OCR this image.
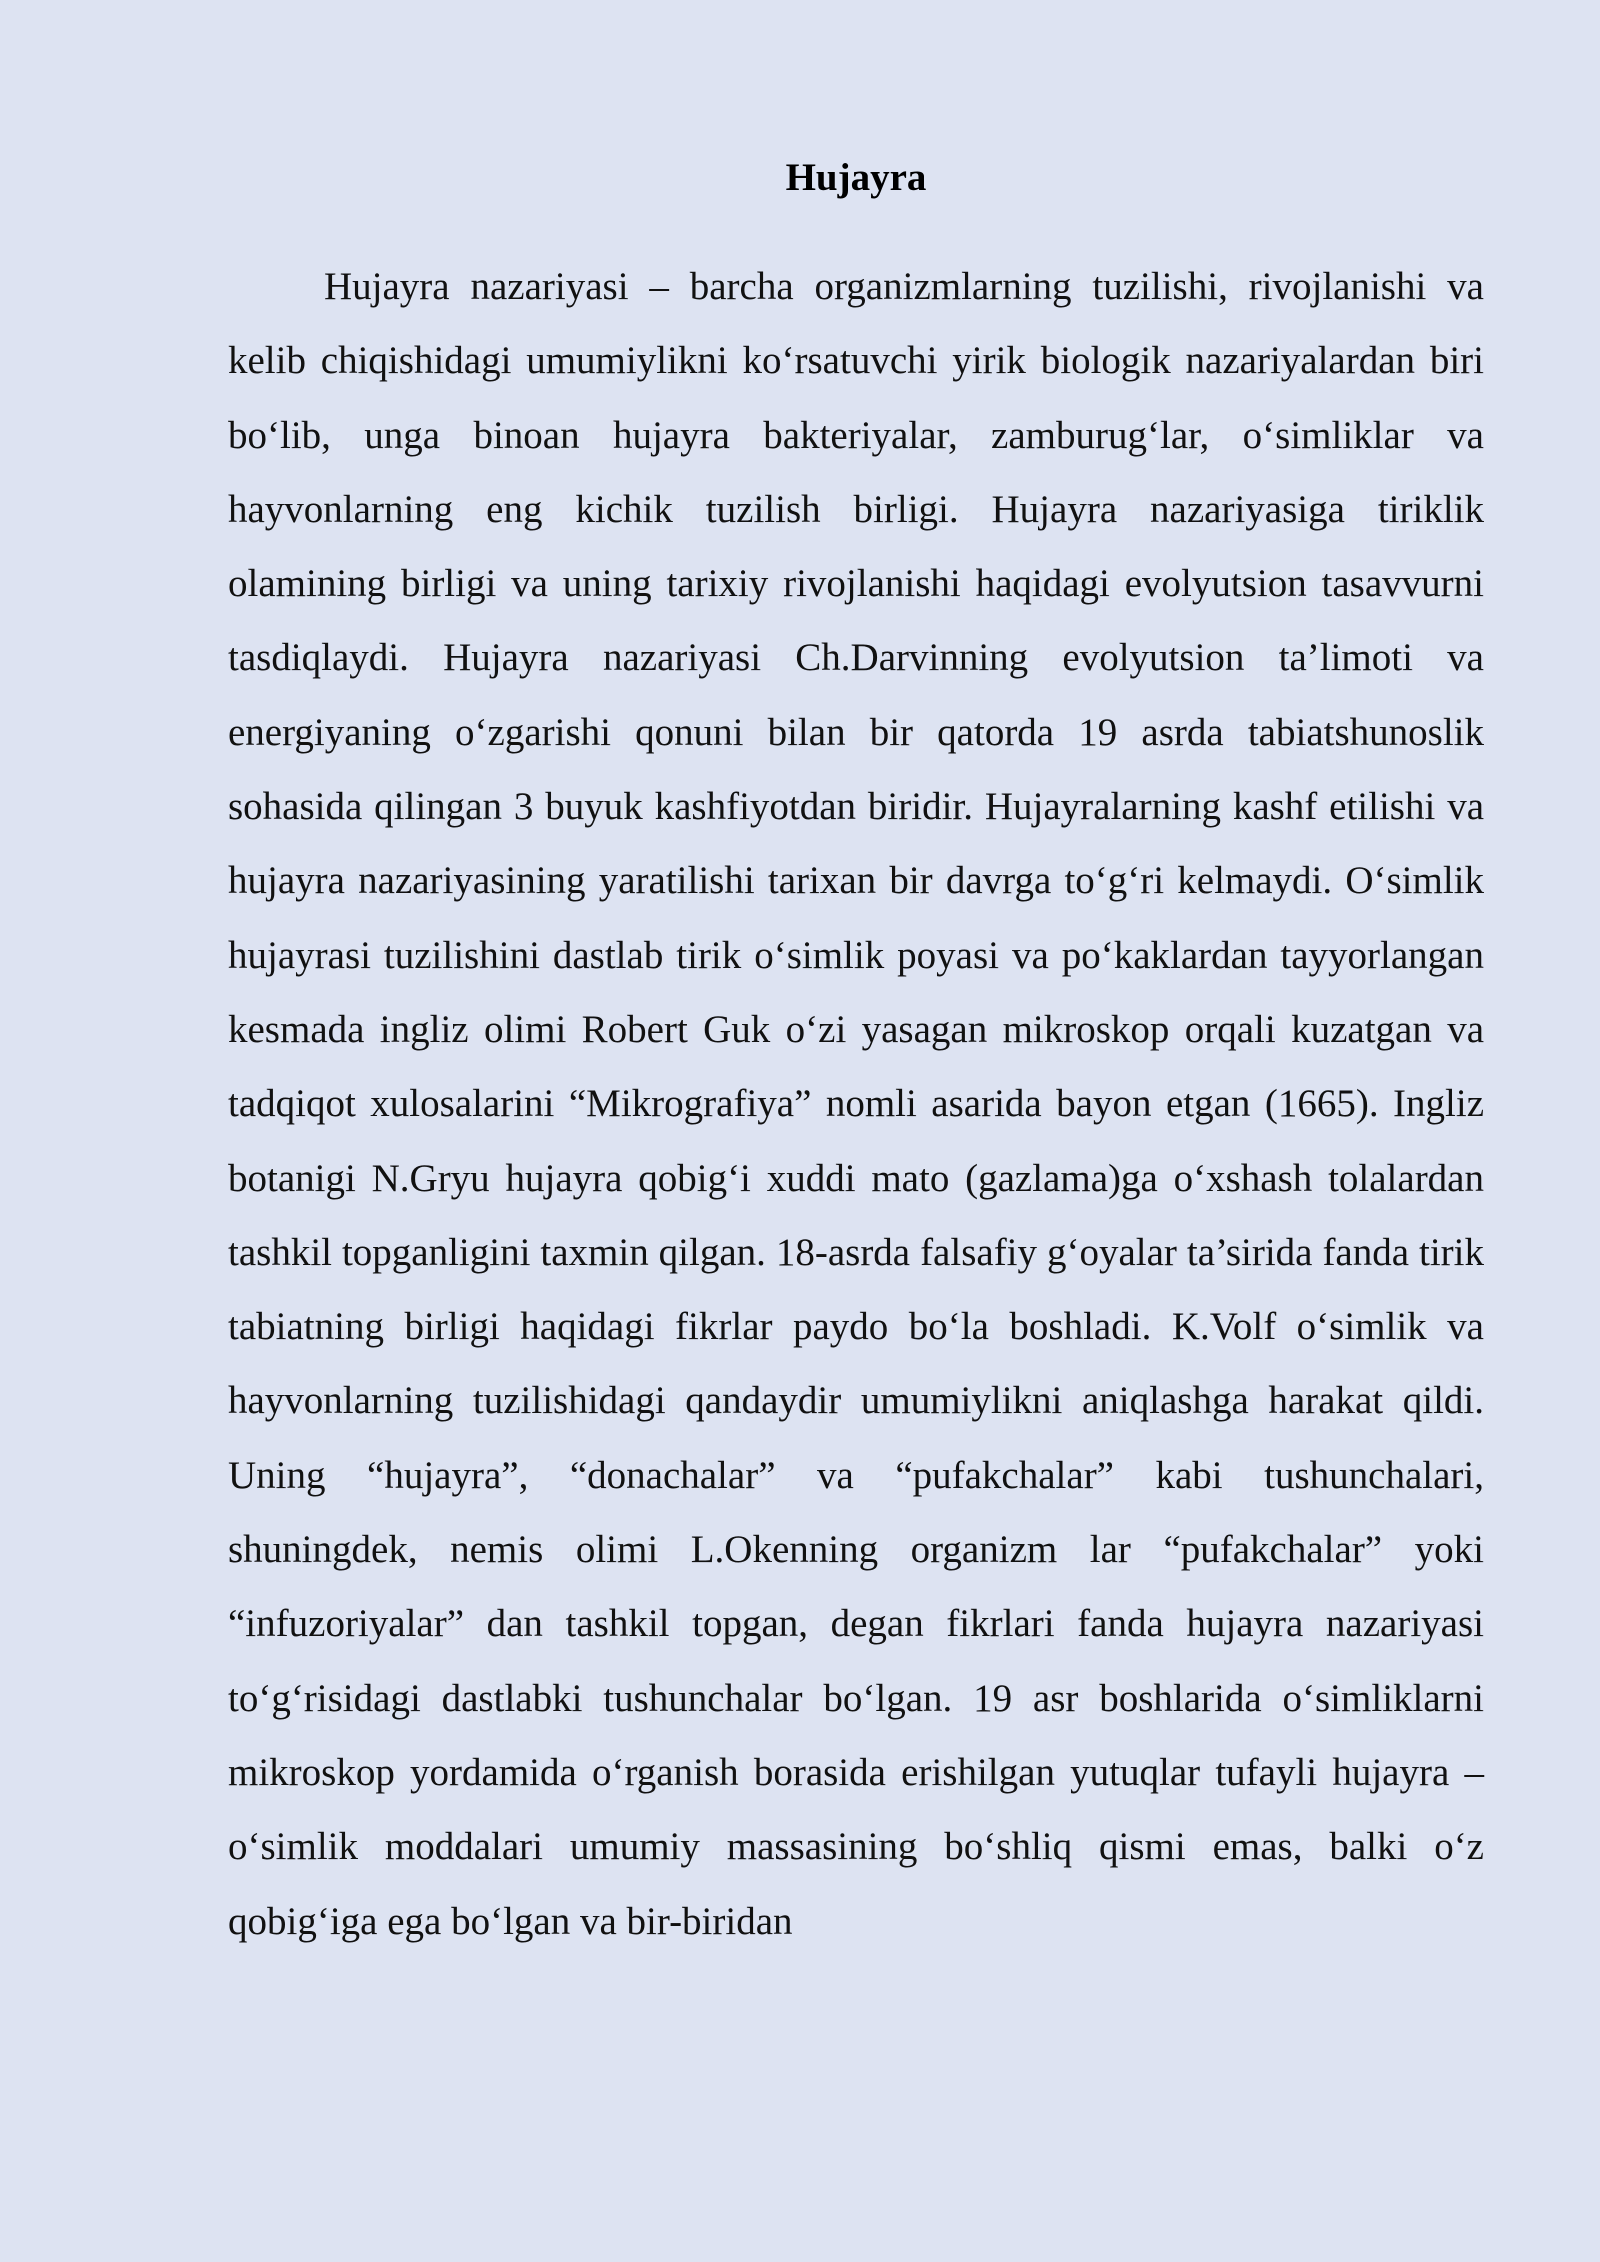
Hujayra

Hujayra nazariyasi – barcha organizmlarning tuzilishi, rivojlanishi va kelib chiqishidagi umumiylikni ko‘rsatuvchi yirik biologik nazariyalardan biri bo‘lib, unga binoan hujayra bakteriyalar, zamburug‘lar, o‘simliklar va hayvonlarning eng kichik tuzilish birligi. Hujayra nazariyasiga tiriklik olamining birligi va uning tarixiy rivojlanishi haqidagi evolyutsion tasavvurni tasdiqlaydi. Hujayra nazariyasi Ch.Darvinning evolyutsion ta’limoti va energiyaning o‘zgarishi qonuni bilan bir qatorda 19 asrda tabiatshunoslik sohasida qilingan 3 buyuk kashfiyotdan biridir. Hujayralarning kashf etilishi va hujayra nazariyasining yaratilishi tarixan bir davrga to‘g‘ri kelmaydi. O‘simlik hujayrasi tuzilishini dastlab tirik o‘simlik poyasi va po‘kaklardan tayyorlangan kesmada ingliz olimi Robert Guk o‘zi yasagan mikroskop orqali kuzatgan va tadqiqot xulosalarini “Mikrografiya” nomli asarida bayon etgan (1665). Ingliz botanigi N.Gryu hujayra qobig‘i xuddi mato (gazlama)ga o‘xshash tolalardan tashkil topganligini taxmin qilgan. 18-asrda falsafiy g‘oyalar ta’sirida fanda tirik tabiatning birligi haqidagi fikrlar paydo bo‘la boshladi. K.Volf o‘simlik va hayvonlarning tuzilishidagi qandaydir umumiylikni aniqlashga harakat qildi. Uning “hujayra”, “donachalar” va “pufakchalar” kabi tushunchalari, shuningdek, nemis olimi L.Okenning organizm lar “pufakchalar” yoki “infuzoriyalar” dan tashkil topgan, degan fikrlari fanda hujayra nazariyasi to‘g‘risidagi dastlabki tushunchalar bo‘lgan. 19 asr boshlarida o‘simliklarni mikroskop yordamida o‘rganish borasida erishilgan yutuqlar tufayli hujayra – o‘simlik moddalari umumiy massasining bo‘shliq qismi emas, balki o‘z qobig‘iga ega bo‘lgan va bir-biridan
